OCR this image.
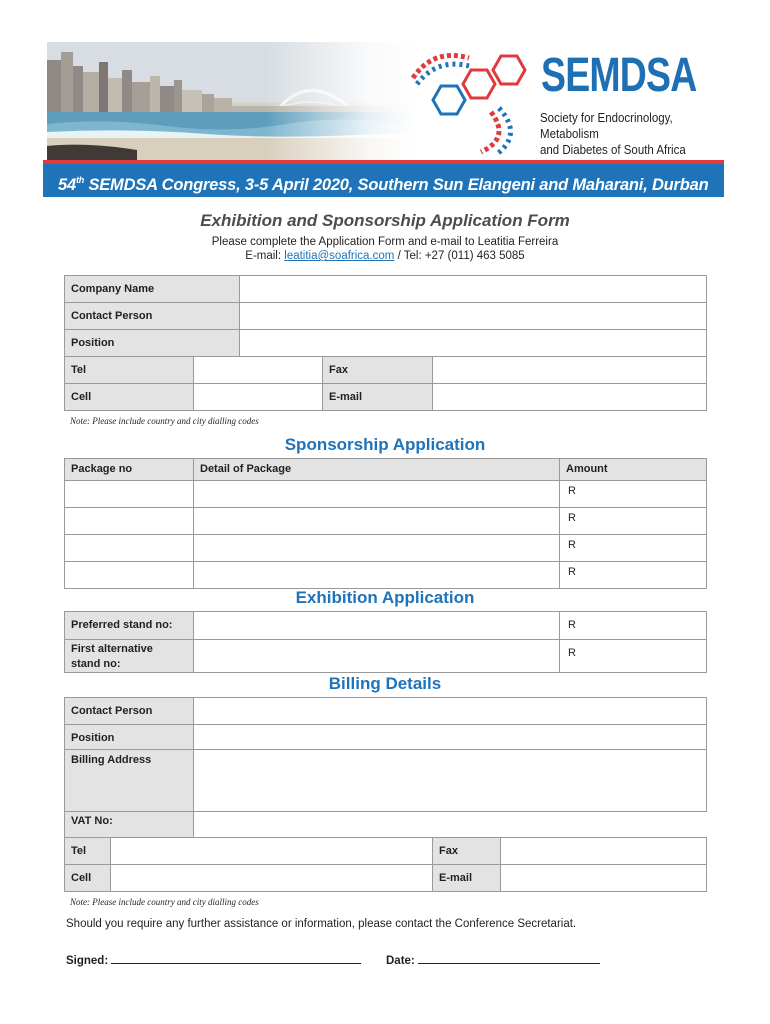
SEMDSA
Society for Endocrinology, Metabolism
and Diabetes of South Africa
54th SEMDSA Congress, 3-5 April 2020, Southern Sun Elangeni and Maharani, Durban
Exhibition and Sponsorship Application Form
Please complete the Application Form and e-mail to Leatitia Ferreira
E-mail: leatitia@soafrica.com / Tel: +27 (011) 463 5085
Company Name				
Contact Person				
Position				
Tel			Fax	
Cell			E-mail	
Note: Please include country and city dialling codes
Sponsorship Application
Package no	Detail of Package	Amount
		R
		R
		R
		R
Exhibition Application
Preferred stand no:		R

First alternative
stand no:		R
Billing Details
Contact Person				
Position				
Billing Address				
VAT No:				
Tel			Fax	
Cell			E-mail	
Note: Please include country and city dialling codes
Should you require any further assistance or information, please contact the Conference Secretariat.
Signed:	Date:
